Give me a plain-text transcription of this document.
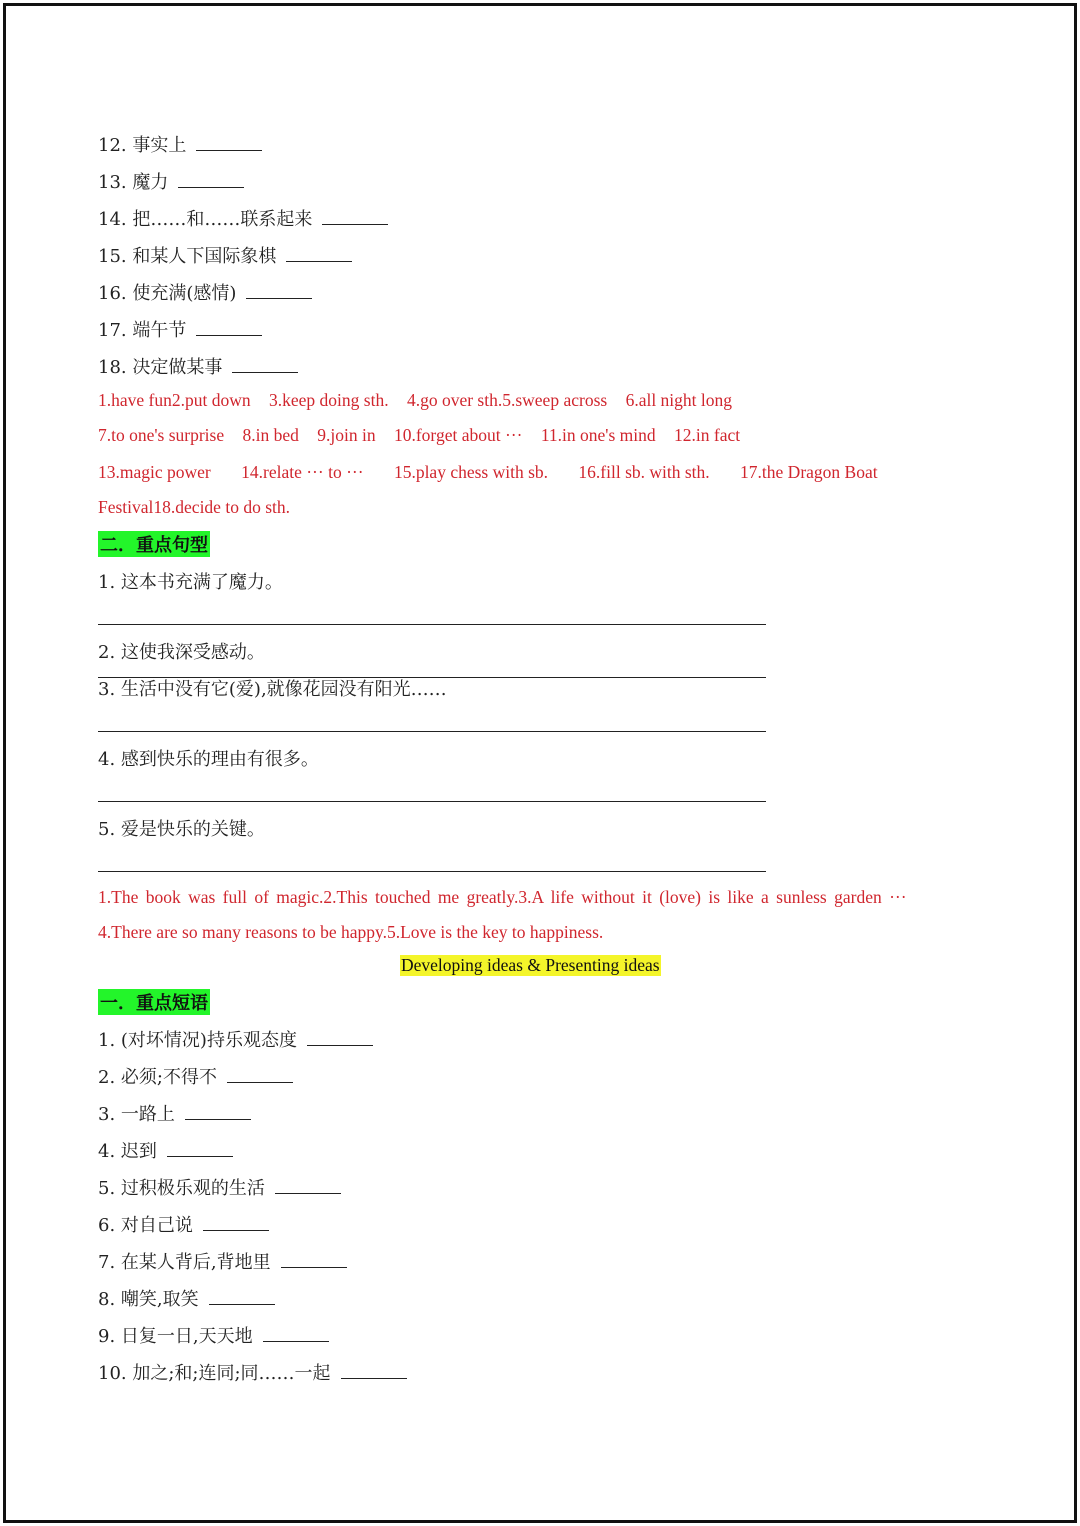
12. 事实上
13. 魔力
14. 把……和……联系起来
15. 和某人下国际象棋
16. 使充满(感情)
17. 端午节
18. 决定做某事
1.have fun2.put down 3.keep doing sth. 4.go over sth.5.sweep across 6.all night long
7.to one's surprise 8.in bed 9.join in 10.forget about ··· 11.in one's mind 12.in fact
13.magic power 14.relate ··· to ··· 15.play chess with sb. 16.fill sb. with sth. 17.the Dragon Boat
Festival18.decide to do sth.
二．重点句型
1. 这本书充满了魔力。
2. 这使我深受感动。
3. 生活中没有它(爱),就像花园没有阳光……
4. 感到快乐的理由有很多。
5. 爱是快乐的关键。
1.The book was full of magic.2.This touched me greatly.3.A life without it (love) is like a sunless garden ···
4.There are so many reasons to be happy.5.Love is the key to happiness.
Developing ideas & Presenting ideas
一．重点短语
1. (对坏情况)持乐观态度
2. 必须;不得不
3. 一路上
4. 迟到
5. 过积极乐观的生活
6. 对自己说
7. 在某人背后,背地里
8. 嘲笑,取笑
9. 日复一日,天天地
10. 加之;和;连同;同……一起
